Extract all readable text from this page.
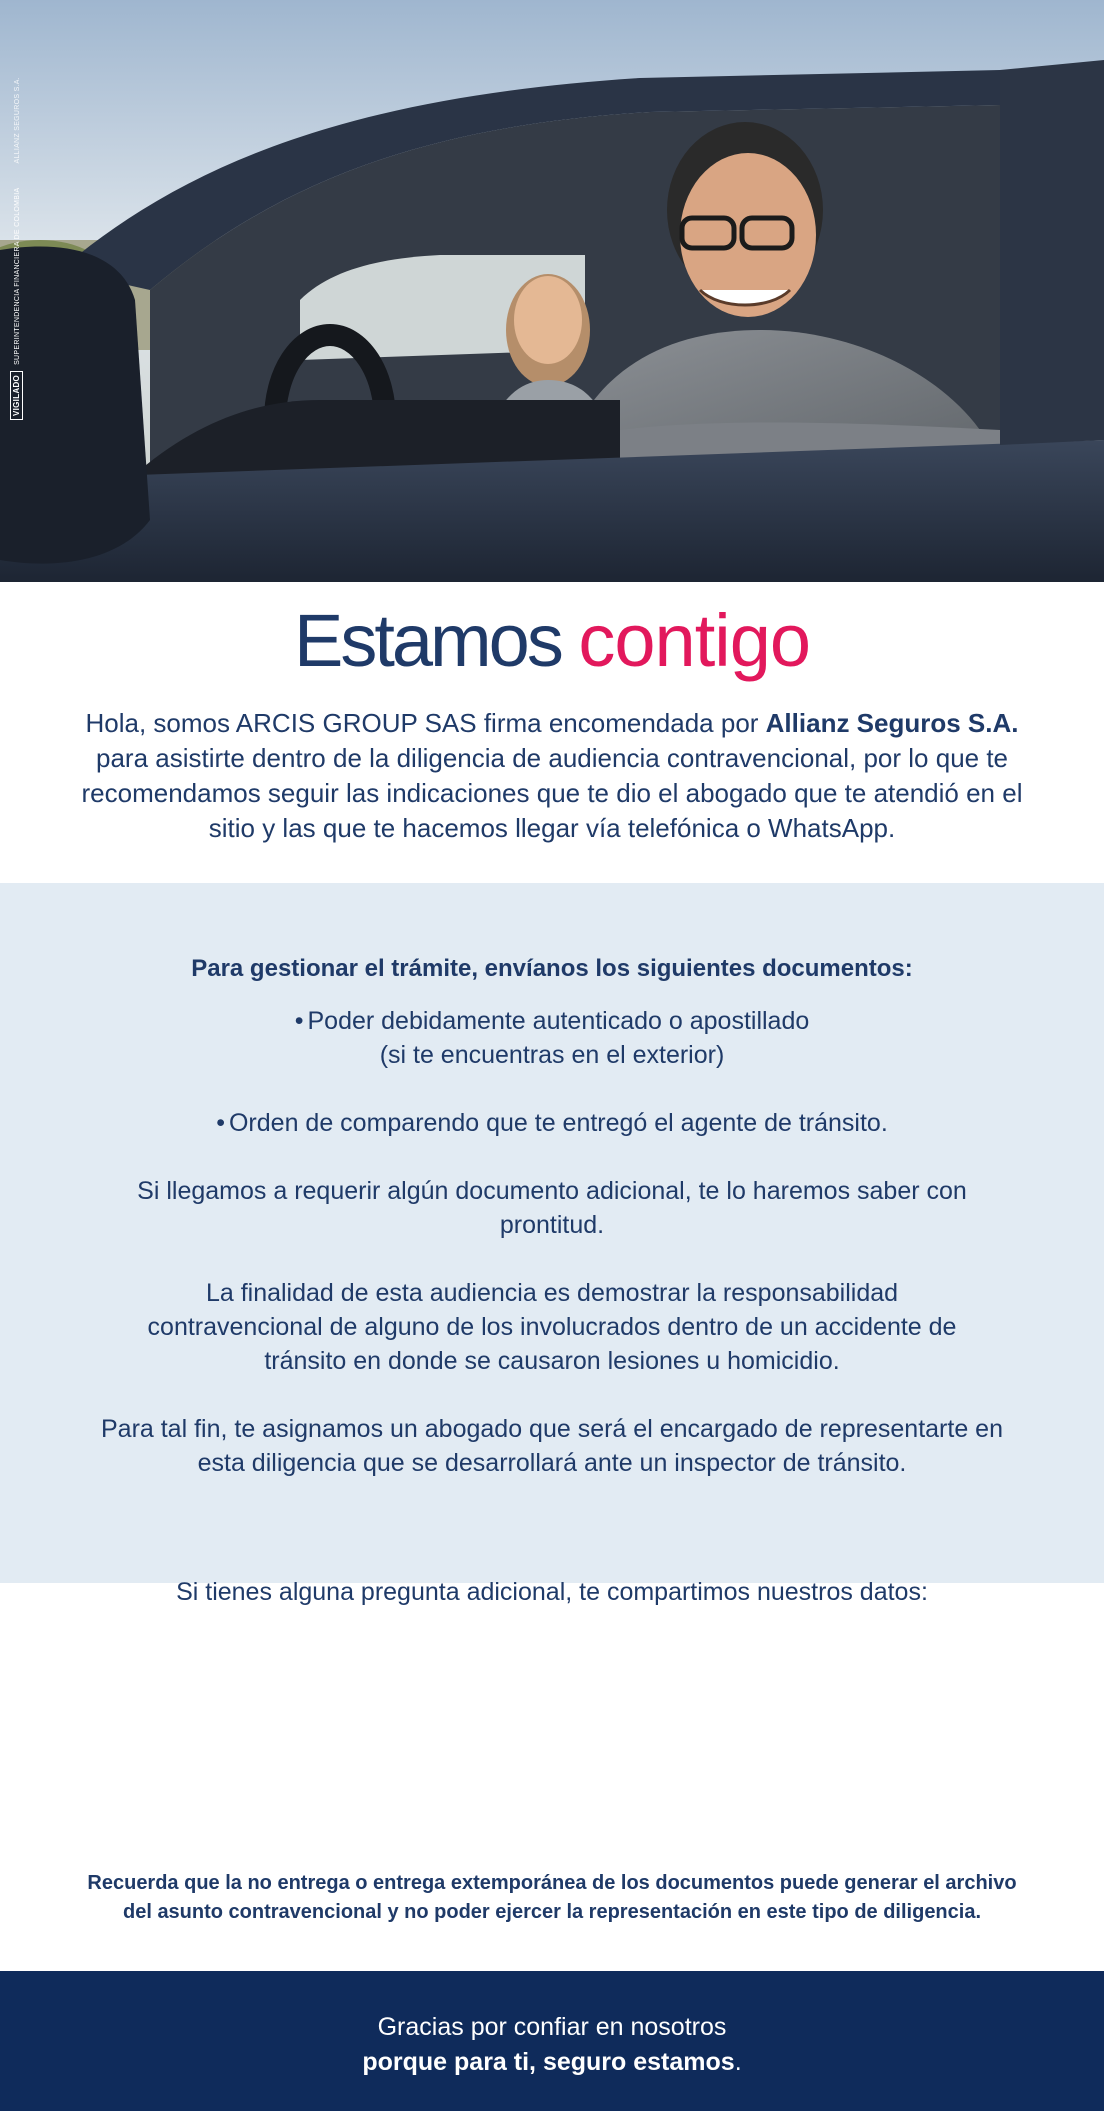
VIGILADOSUPERINTENDENCIA FINANCIERA DE COLOMBIAALLIANZ SEGUROS S.A.
Estamos contigo

Hola, somos ARCIS GROUP SAS firma encomendada por Allianz Seguros S.A. para asistirte dentro de la diligencia de audiencia contravencional, por lo que te recomendamos seguir las indicaciones que te dio el abogado que te atendió en el sitio y las que te hacemos llegar vía telefónica o WhatsApp.

Para gestionar el trámite, envíanos los siguientes documentos:

• Poder debidamente autenticado o apostillado
(si te encuentras en el exterior)

• Orden de comparendo que te entregó el agente de tránsito.

Si llegamos a requerir algún documento adicional, te lo haremos saber con prontitud.

La finalidad de esta audiencia es demostrar la responsabilidad contravencional de alguno de los involucrados dentro de un accidente de tránsito en donde se causaron lesiones u homicidio.

Para tal fin, te asignamos un abogado que será el encargado de representarte en esta diligencia que se desarrollará ante un inspector de tránsito.

Si tienes alguna pregunta adicional, te compartimos nuestros datos:

Recuerda que la no entrega o entrega extemporánea de los documentos puede generar el archivo del asunto contravencional y no poder ejercer la representación en este tipo de diligencia.

Gracias por confiar en nosotros
porque para ti, seguro estamos.
